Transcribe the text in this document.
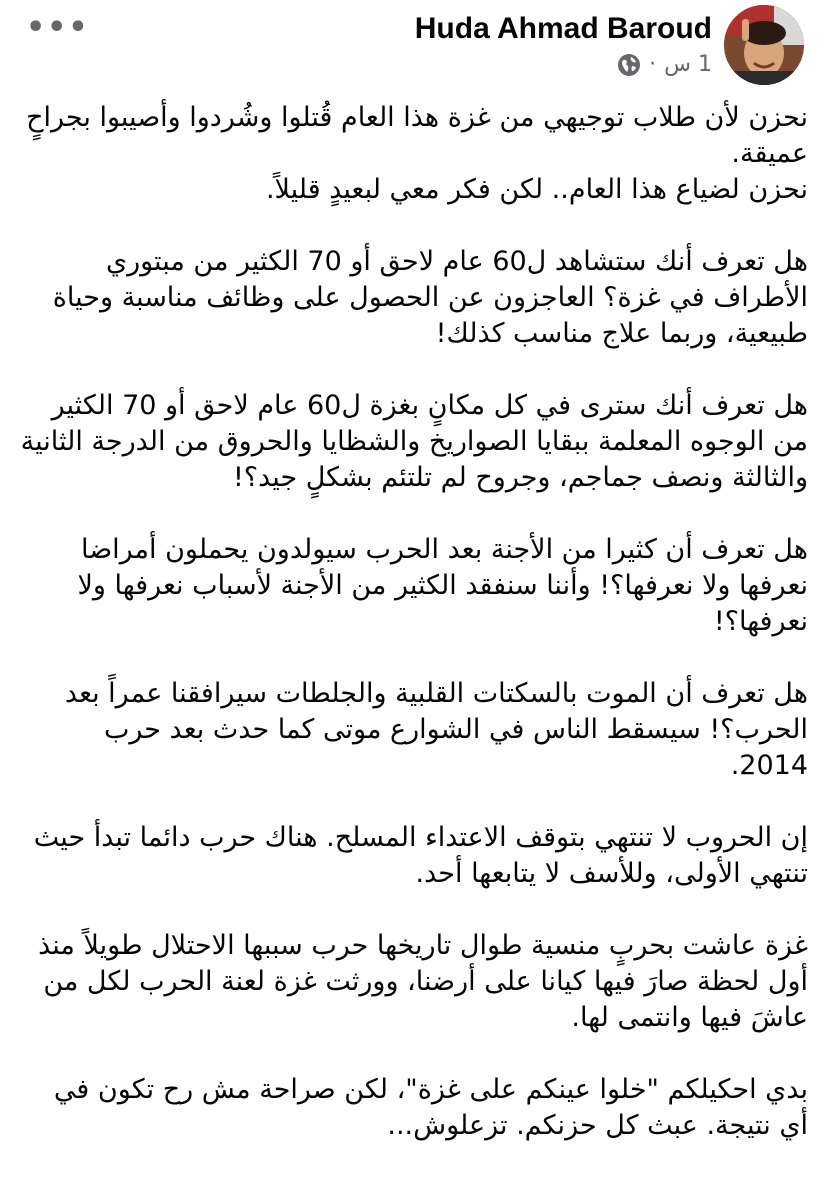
Huda Ahmad Baroud
· 1 س
•••

نحزن لأن طلاب توجيهي من غزة هذا العام قُتلوا وشُردوا وأصيبوا بجراحٍ عميقة.
نحزن لضياع هذا العام.. لكن فكر معي لبعيدٍ قليلاً.

هل تعرف أنك ستشاهد ل60 عام لاحق أو 70 الكثير من مبتوري الأطراف في غزة؟ العاجزون عن الحصول على وظائف مناسبة وحياة طبيعية، وربما علاج مناسب كذلك!

هل تعرف أنك سترى في كل مكانٍ بغزة ل60 عام لاحق أو 70 الكثير من الوجوه المعلمة ببقايا الصواريخ والشظايا والحروق من الدرجة الثانية والثالثة ونصف جماجم، وجروح لم تلتئم بشكلٍ جيد؟!

هل تعرف أن كثيرا من الأجنة بعد الحرب سيولدون يحملون أمراضا نعرفها ولا نعرفها؟! وأننا سنفقد الكثير من الأجنة لأسباب نعرفها ولا نعرفها؟!

هل تعرف أن الموت بالسكتات القلبية والجلطات سيرافقنا عمراً بعد الحرب؟! سيسقط الناس في الشوارع موتى كما حدث بعد حرب 2014.

إن الحروب لا تنتهي بتوقف الاعتداء المسلح. هناك حرب دائما تبدأ حيث تنتهي الأولى، وللأسف لا يتابعها أحد.

غزة عاشت بحربٍ منسية طوال تاريخها حرب سببها الاحتلال طويلاً منذ أول لحظة صارَ فيها كيانا على أرضنا، وورثت غزة لعنة الحرب لكل من عاشَ فيها وانتمى لها.

بدي احكيلكم "خلوا عينكم على غزة"، لكن صراحة مش رح تكون في أي نتيجة. عبث كل حزنكم. تزعلوش...
